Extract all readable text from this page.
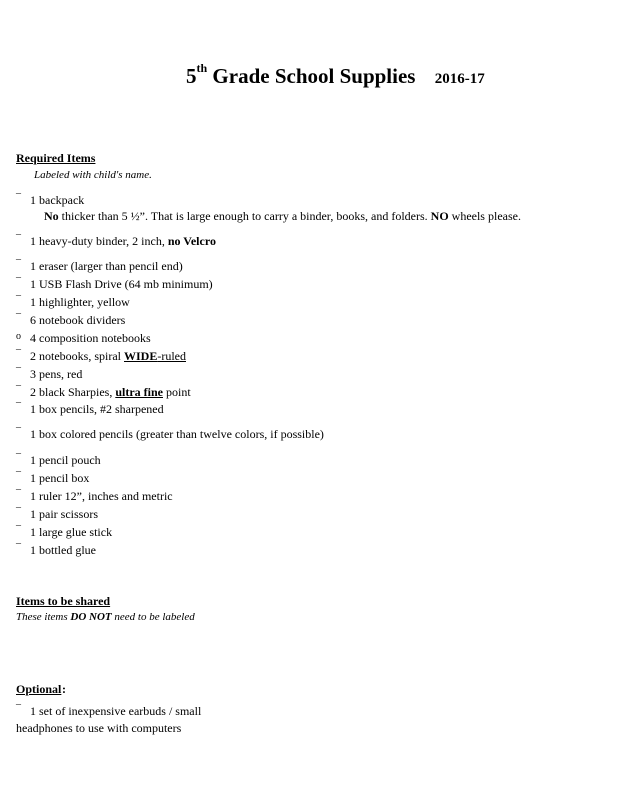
5th Grade School Supplies 2016-17
Required Items
Labeled with child's name.
¯ 1 backpack
No thicker than 5 ½”. That is large enough to carry a binder, books, and folders. NO wheels please.
¯ 1 heavy-duty binder, 2 inch, no Velcro
¯ 1 eraser (larger than pencil end)
¯ 1 USB Flash Drive (64 mb minimum)
¯ 1 highlighter, yellow
¯ 6 notebook dividers
o 4 composition notebooks
¯ 2 notebooks, spiral WIDE-ruled
¯ 3 pens, red
¯ 2 black Sharpies, ultra fine point
¯ 1 box pencils, #2 sharpened
¯ 1 box colored pencils (greater than twelve colors, if possible)
¯ 1 pencil pouch
¯ 1 pencil box
¯ 1 ruler 12”, inches and metric
¯ 1 pair scissors
¯ 1 large glue stick
¯ 1 bottled glue
Items to be shared
These items DO NOT need to be labeled
Optional :
¯ 1 set of inexpensive earbuds / small
headphones to use with computers
